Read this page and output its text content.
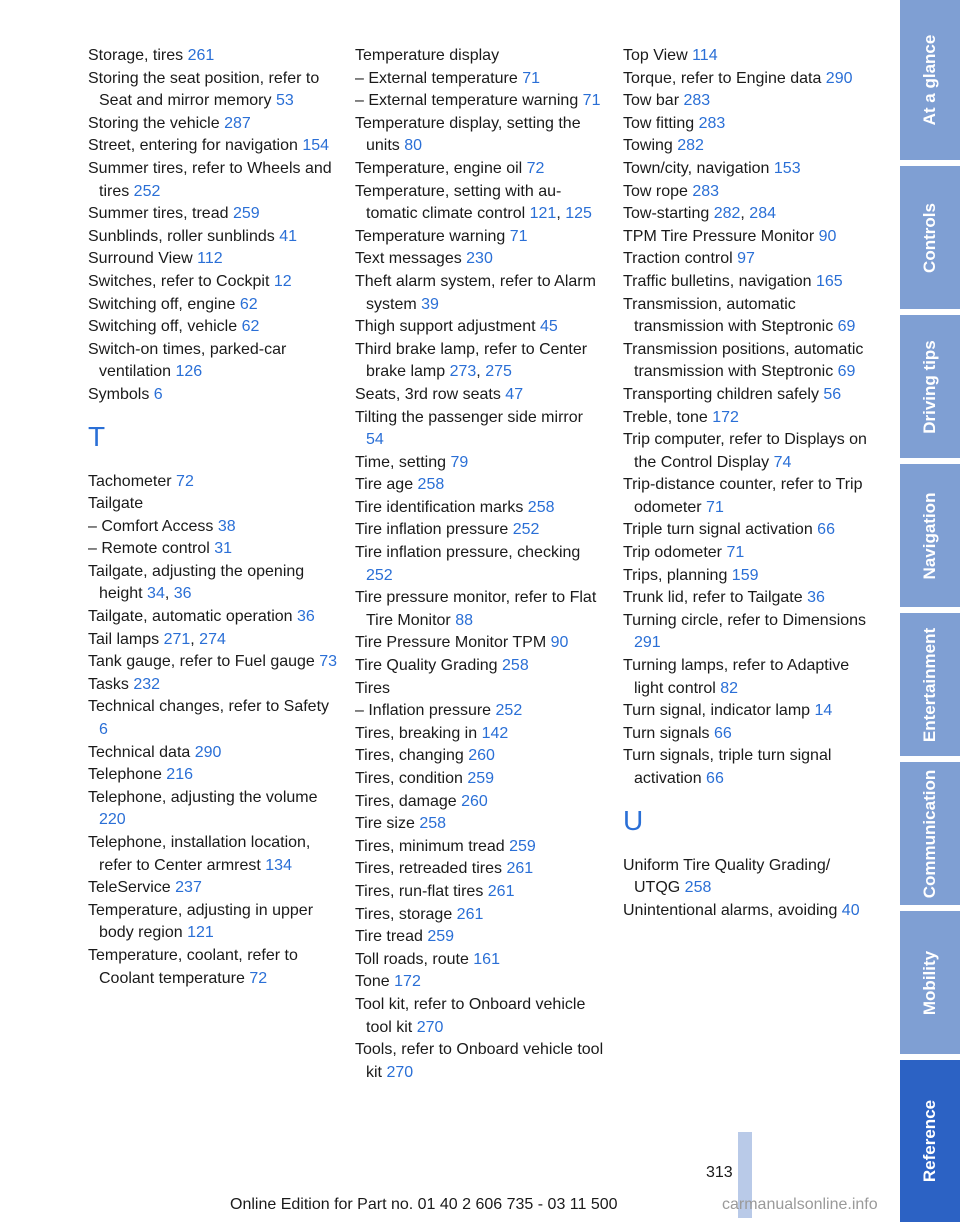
Storage, tires 261
Storing the seat position, refer to Seat and mirror memory 53
Storing the vehicle 287
Street, entering for navigation 154
Summer tires, refer to Wheels and tires 252
Summer tires, tread 259
Sunblinds, roller sunblinds 41
Surround View 112
Switches, refer to Cockpit 12
Switching off, engine 62
Switching off, vehicle 62
Switch-on times, parked-car ventilation 126
Symbols 6
T
Tachometer 72
Tailgate
– Comfort Access 38
– Remote control 31
Tailgate, adjusting the opening height 34, 36
Tailgate, automatic operation 36
Tail lamps 271, 274
Tank gauge, refer to Fuel gauge 73
Tasks 232
Technical changes, refer to Safety 6
Technical data 290
Telephone 216
Telephone, adjusting the volume 220
Telephone, installation location, refer to Center armrest 134
TeleService 237
Temperature, adjusting in upper body region 121
Temperature, coolant, refer to Coolant temperature 72
Temperature display
– External temperature 71
– External temperature warning 71
Temperature display, setting the units 80
Temperature, engine oil 72
Temperature, setting with automatic climate control 121, 125
Temperature warning 71
Text messages 230
Theft alarm system, refer to Alarm system 39
Thigh support adjustment 45
Third brake lamp, refer to Center brake lamp 273, 275
Seats, 3rd row seats 47
Tilting the passenger side mirror 54
Time, setting 79
Tire age 258
Tire identification marks 258
Tire inflation pressure 252
Tire inflation pressure, checking 252
Tire pressure monitor, refer to Flat Tire Monitor 88
Tire Pressure Monitor TPM 90
Tire Quality Grading 258
Tires
– Inflation pressure 252
Tires, breaking in 142
Tires, changing 260
Tires, condition 259
Tires, damage 260
Tire size 258
Tires, minimum tread 259
Tires, retreaded tires 261
Tires, run-flat tires 261
Tires, storage 261
Tire tread 259
Toll roads, route 161
Tone 172
Tool kit, refer to Onboard vehicle tool kit 270
Tools, refer to Onboard vehicle tool kit 270
Top View 114
Torque, refer to Engine data 290
Tow bar 283
Tow fitting 283
Towing 282
Town/city, navigation 153
Tow rope 283
Tow-starting 282, 284
TPM Tire Pressure Monitor 90
Traction control 97
Traffic bulletins, navigation 165
Transmission, automatic transmission with Steptronic 69
Transmission positions, automatic transmission with Steptronic 69
Transporting children safely 56
Treble, tone 172
Trip computer, refer to Displays on the Control Display 74
Trip-distance counter, refer to Trip odometer 71
Triple turn signal activation 66
Trip odometer 71
Trips, planning 159
Trunk lid, refer to Tailgate 36
Turning circle, refer to Dimensions 291
Turning lamps, refer to Adaptive light control 82
Turn signal, indicator lamp 14
Turn signals 66
Turn signals, triple turn signal activation 66
U
Uniform Tire Quality Grading/ UTQG 258
Unintentional alarms, avoiding 40
At a glance
Controls
Driving tips
Navigation
Entertainment
Communication
Mobility
Reference
313
Online Edition for Part no. 01 40 2 606 735 - 03 11 500	carmanualsonline.info
